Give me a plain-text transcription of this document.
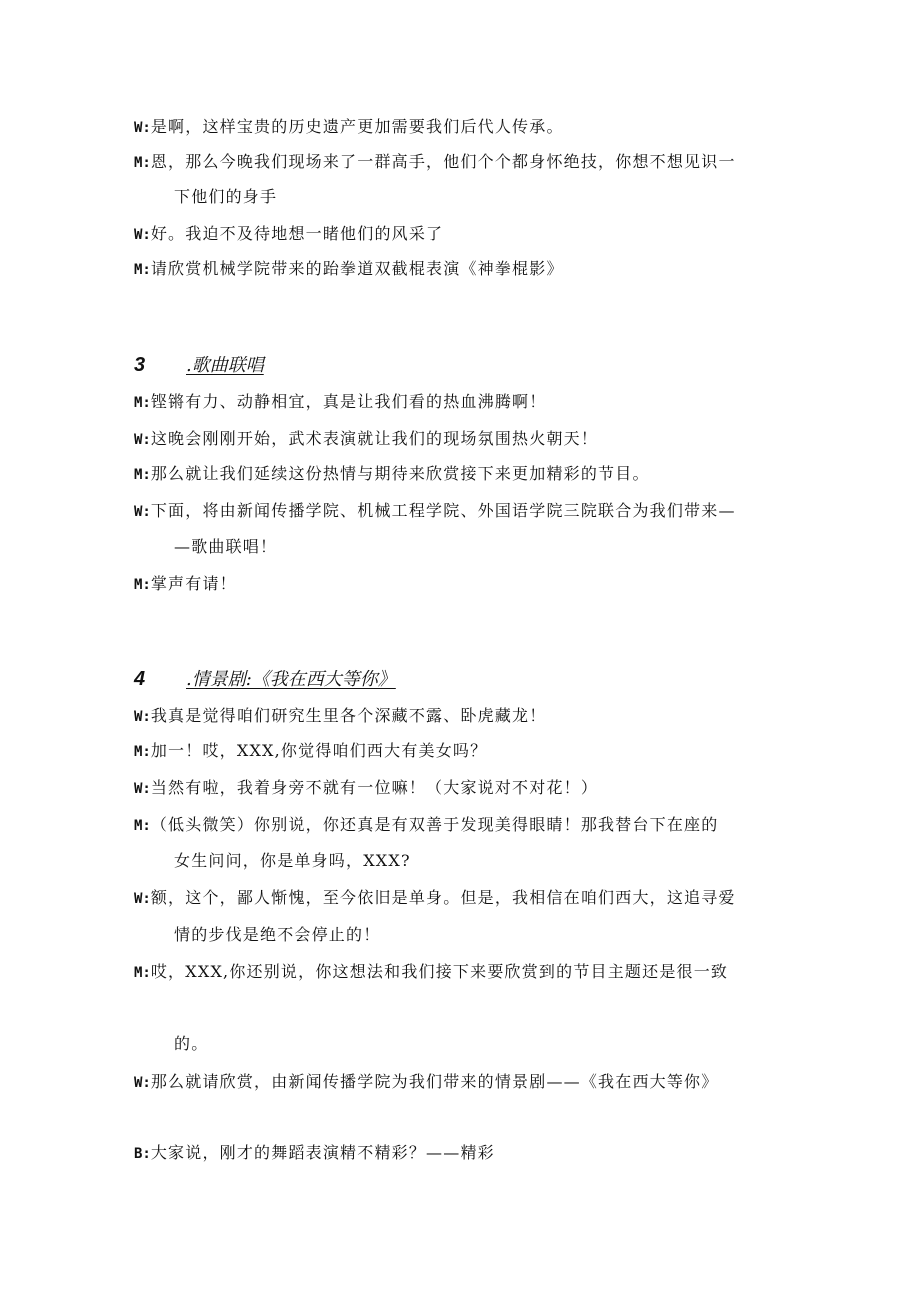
W:是啊，这样宝贵的历史遗产更加需要我们后代人传承。
M:恩，那么今晚我们现场来了一群高手，他们个个都身怀绝技，你想不想见识一
下他们的身手
W:好。我迫不及待地想一睹他们的风采了
M:请欣赏机械学院带来的跆拳道双截棍表演《神拳棍影》
3 .歌曲联唱
M:铿锵有力、动静相宜，真是让我们看的热血沸腾啊！
W:这晚会刚刚开始，武术表演就让我们的现场氛围热火朝天！
M:那么就让我们延续这份热情与期待来欣赏接下来更加精彩的节目。
W:下面，将由新闻传播学院、机械工程学院、外国语学院三院联合为我们带来—
—歌曲联唱！
M:掌声有请！
4 .情景剧:《我在西大等你》
W:我真是觉得咱们研究生里各个深藏不露、卧虎藏龙！
M:加一！哎，XXX,你觉得咱们西大有美女吗？
W:当然有啦，我着身旁不就有一位嘛！（大家说对不对花！）
M:（低头微笑）你别说，你还真是有双善于发现美得眼睛！那我替台下在座的
女生问问，你是单身吗，XXX?
W:额，这个，鄙人惭愧，至今依旧是单身。但是，我相信在咱们西大，这追寻爱
情的步伐是绝不会停止的！
M:哎，XXX,你还别说，你这想法和我们接下来要欣赏到的节目主题还是很一致
的。
W:那么就请欣赏，由新闻传播学院为我们带来的情景剧——《我在西大等你》
B:大家说，刚才的舞蹈表演精不精彩？——精彩
